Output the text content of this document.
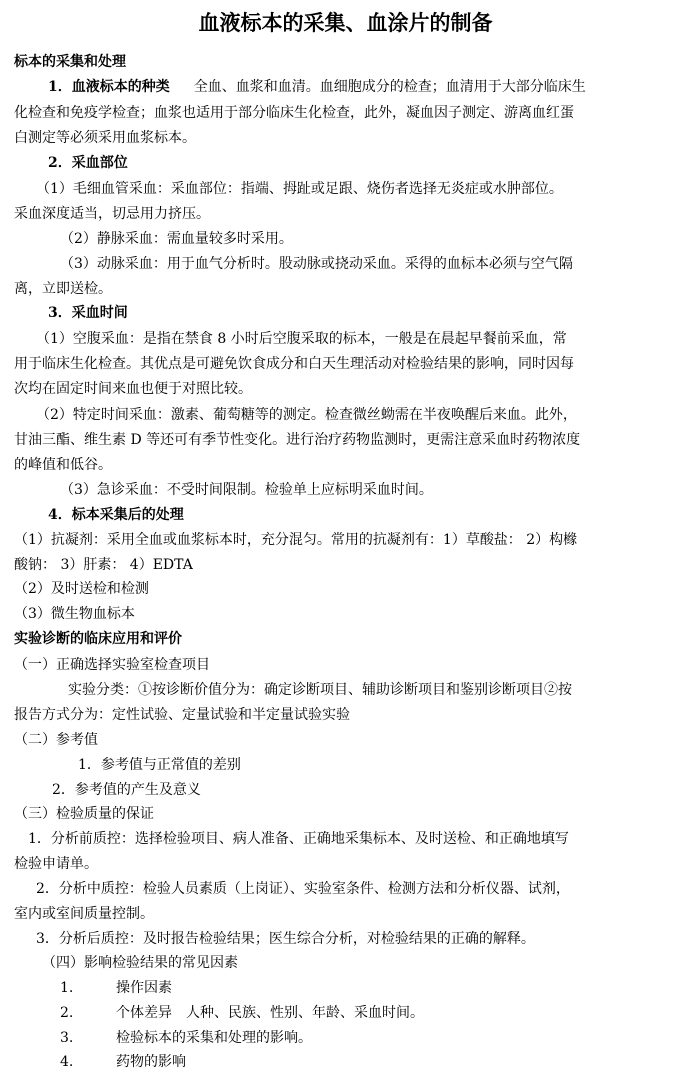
血液标本的采集、血涂片的制备
标本的采集和处理
1．血液标本的种类 全血、血浆和血清。血细胞成分的检查；血清用于大部分临床生
化检查和免疫学检查；血浆也适用于部分临床生化检查，此外，凝血因子测定、游离血红蛋
白测定等必须采用血浆标本。
2．采血部位
（1）毛细血管采血：采血部位：指端、拇趾或足跟、烧伤者选择无炎症或水肿部位。
采血深度适当，切忌用力挤压。
（2）静脉采血：需血量较多时采用。
（3）动脉采血：用于血气分析时。股动脉或挠动采血。采得的血标本必须与空气隔
离，立即送检。
3．采血时间
（1）空腹采血：是指在禁食 8 小时后空腹采取的标本，一般是在晨起早餐前采血，常
用于临床生化检查。其优点是可避免饮食成分和白天生理活动对检验结果的影响，同时因每
次均在固定时间来血也便于对照比较。
（2）特定时间采血：激素、葡萄糖等的测定。检查微丝蚴需在半夜唤醒后来血。此外，
甘油三酯、维生素 D 等还可有季节性变化。进行治疗药物监测时，更需注意采血时药物浓度
的峰值和低谷。
（3）急诊采血：不受时间限制。检验单上应标明采血时间。
4．标本采集后的处理
（1）抗凝剂：采用全血或血浆标本时，充分混匀。常用的抗凝剂有：1）草酸盐： 2）构橼
酸钠： 3）肝素： 4）EDTA
（2）及时送检和检测
（3）微生物血标本
实验诊断的临床应用和评价
（一）正确选择实验室检查项目
实验分类：①按诊断价值分为：确定诊断项目、辅助诊断项目和鉴别诊断项目②按
报告方式分为：定性试验、定量试验和半定量试验实验
（二）参考值
1．参考值与正常值的差别
2．参考值的产生及意义
（三）检验质量的保证
1．分析前质控：选择检验项目、病人准备、正确地采集标本、及时送检、和正确地填写
检验申请单。
2．分析中质控：检验人员素质（上岗证）、实验室条件、检测方法和分析仪器、试剂，
室内或室间质量控制。
3．分析后质控：及时报告检验结果；医生综合分析，对检验结果的正确的解释。
（四）影响检验结果的常见因素
1.	操作因素
2.	个体差异　人种、民族、性别、年龄、采血时间。
3.	检验标本的采集和处理的影响。
4.	药物的影响
